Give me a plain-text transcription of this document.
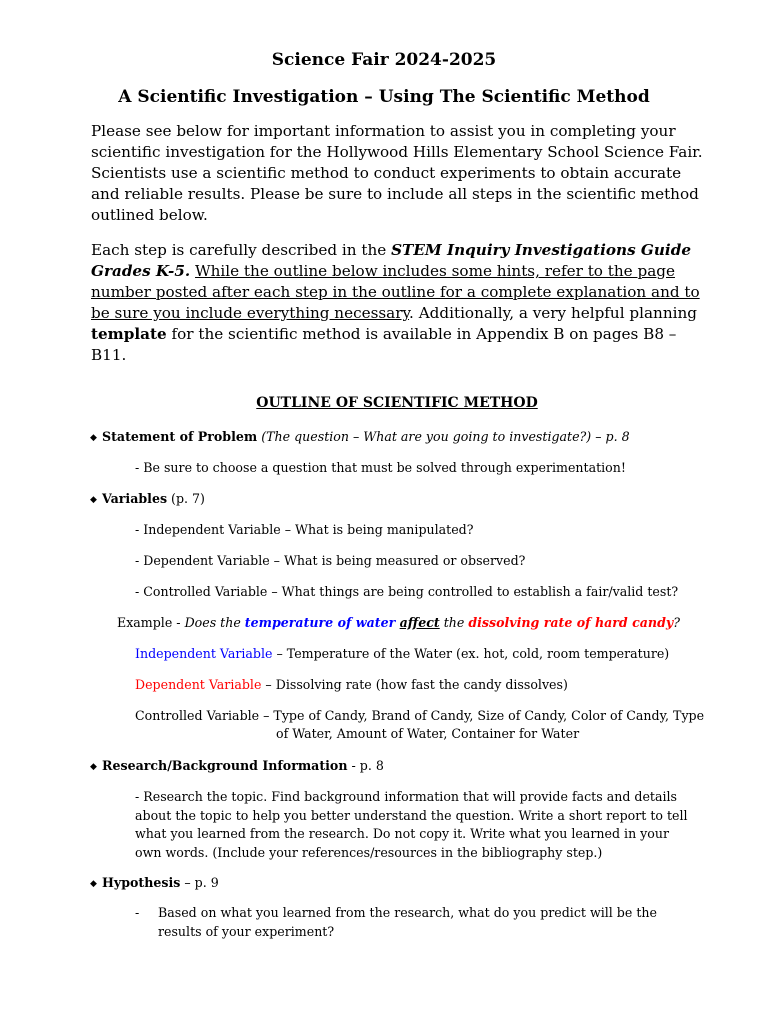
Science Fair 2024-2025
A Scientific Investigation – Using The Scientific Method
Please see below for important information to assist you in completing your scientific investigation for the Hollywood Hills Elementary School Science Fair. Scientists use a scientific method to conduct experiments to obtain accurate and reliable results. Please be sure to include all steps in the scientific method outlined below.
Each step is carefully described in the STEM Inquiry Investigations Guide Grades K-5. While the outline below includes some hints, refer to the page number posted after each step in the outline for a complete explanation and to be sure you include everything necessary. Additionally, a very helpful planning template for the scientific method is available in Appendix B on pages B8 – B11.
OUTLINE OF SCIENTIFIC METHOD
◆ Statement of Problem (The question – What are you going to investigate?) – p. 8
- Be sure to choose a question that must be solved through experimentation!
◆ Variables (p. 7)
- Independent Variable – What is being manipulated?
- Dependent Variable – What is being measured or observed?
- Controlled Variable – What things are being controlled to establish a fair/valid test?
Example - Does the temperature of water affect the dissolving rate of hard candy?
Independent Variable – Temperature of the Water (ex. hot, cold, room temperature)
Dependent Variable – Dissolving rate (how fast the candy dissolves)
Controlled Variable – Type of Candy, Brand of Candy, Size of Candy, Color of Candy, Type
of Water, Amount of Water, Container for Water
◆ Research/Background Information - p. 8
- Research the topic. Find background information that will provide facts and details about the topic to help you better understand the question. Write a short report to tell what you learned from the research. Do not copy it. Write what you learned in your own words. (Include your references/resources in the bibliography step.)
◆ Hypothesis – p. 9
- Based on what you learned from the research, what do you predict will be the results of your experiment?
